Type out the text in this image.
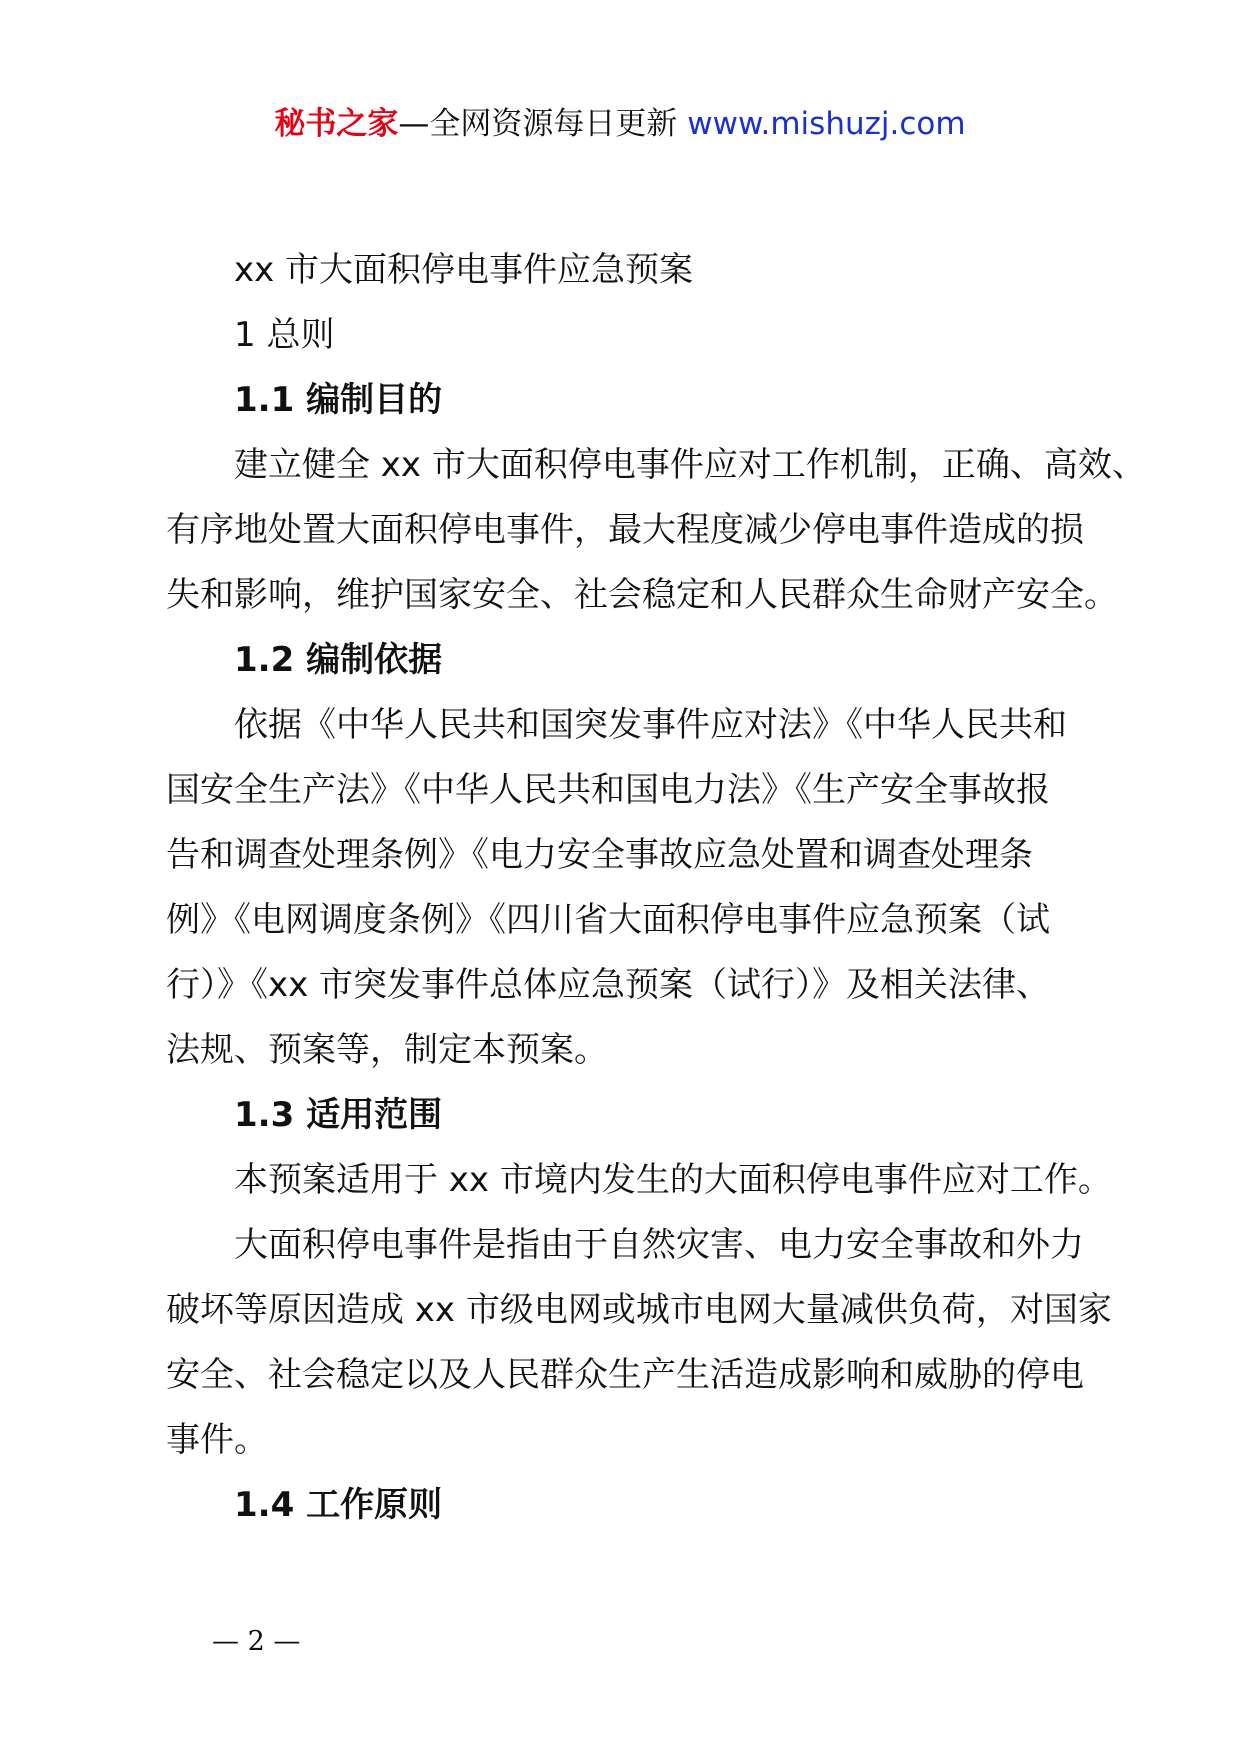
秘书之家—全网资源每日更新 www.mishuzj.com
xx 市大面积停电事件应急预案
1 总则
1.1 编制目的
建立健全 xx 市大面积停电事件应对工作机制，正确、高效、
有序地处置大面积停电事件，最大程度减少停电事件造成的损
失和影响，维护国家安全、社会稳定和人民群众生命财产安全。
1.2 编制依据
依据《中华人民共和国突发事件应对法》《中华人民共和
国安全生产法》《中华人民共和国电力法》《生产安全事故报
告和调查处理条例》《电力安全事故应急处置和调查处理条
例》《电网调度条例》《四川省大面积停电事件应急预案（试
行）》《xx 市突发事件总体应急预案（试行）》及相关法律、
法规、预案等，制定本预案。
1.3 适用范围
本预案适用于 xx 市境内发生的大面积停电事件应对工作。
大面积停电事件是指由于自然灾害、电力安全事故和外力
破坏等原因造成 xx 市级电网或城市电网大量减供负荷，对国家
安全、社会稳定以及人民群众生产生活造成影响和威胁的停电
事件。
1.4 工作原则
— 2 —
